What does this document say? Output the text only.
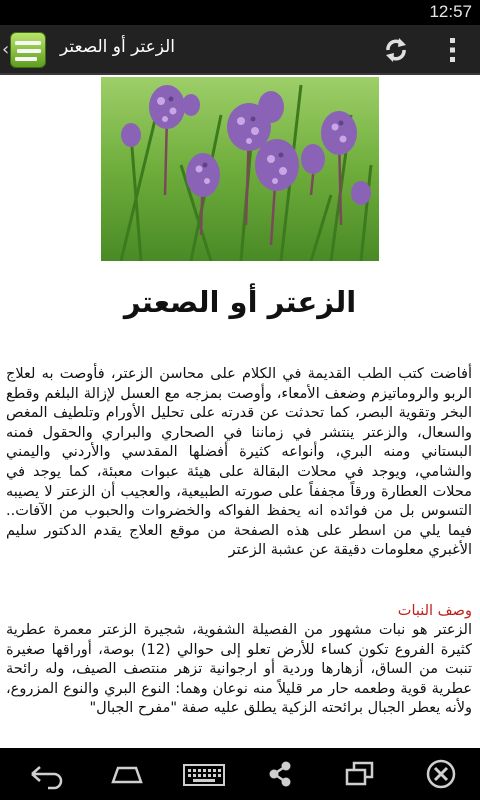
12:57
‹	الزعتر أو الصعتر
الزعتر أو الصعتر

أفاضت كتب الطب القديمة في الكلام على محاسن الزعتر، فأوصت به لعلاج الربو والروماتيزم وضعف الأمعاء، وأوصت بمزجه مع العسل لإزالة البلغم وقطع البخر وتقوية البصر، كما تحدثت عن قدرته على تحليل الأورام وتلطيف المغص والسعال، والزعتر ينتشر في زماننا في الصحاري والبراري والحقول فمنه البستاني ومنه البري، وأنواعه كثيرة أفضلها المقدسي والأردني واليمني والشامي، ويوجد في محلات البقالة على هيئة عبوات معبئة، كما يوجد في محلات العطارة ورقاً مجففاً على صورته الطبيعية، والعجيب أن الزعتر لا يصيبه التسوس بل من فوائده انه يحفظ الفواكه والخضروات والحبوب من الآفات.. فيما يلي من اسطر على هذه الصفحة من موقع العلاج يقدم الدكتور سليم الأغبري معلومات دقيقة عن عشبة الزعتر

وصف النبات

الزعتر هو نبات مشهور من الفصيلة الشفوية، شجيرة الزعتر معمرة عطرية كثيرة الفروع تكون كساء للأرض تعلو إلى حوالي (12) بوصة، أوراقها صغيرة تنبت من الساق، أزهارها وردية أو ارجوانية تزهر منتصف الصيف، وله رائحة عطرية قوية وطعمه حار مر قليلاً منه نوعان وهما: النوع البري والنوع المزروع، ولأنه يعطر الجبال برائحته الزكية يطلق عليه صفة "مفرح الجبال"
